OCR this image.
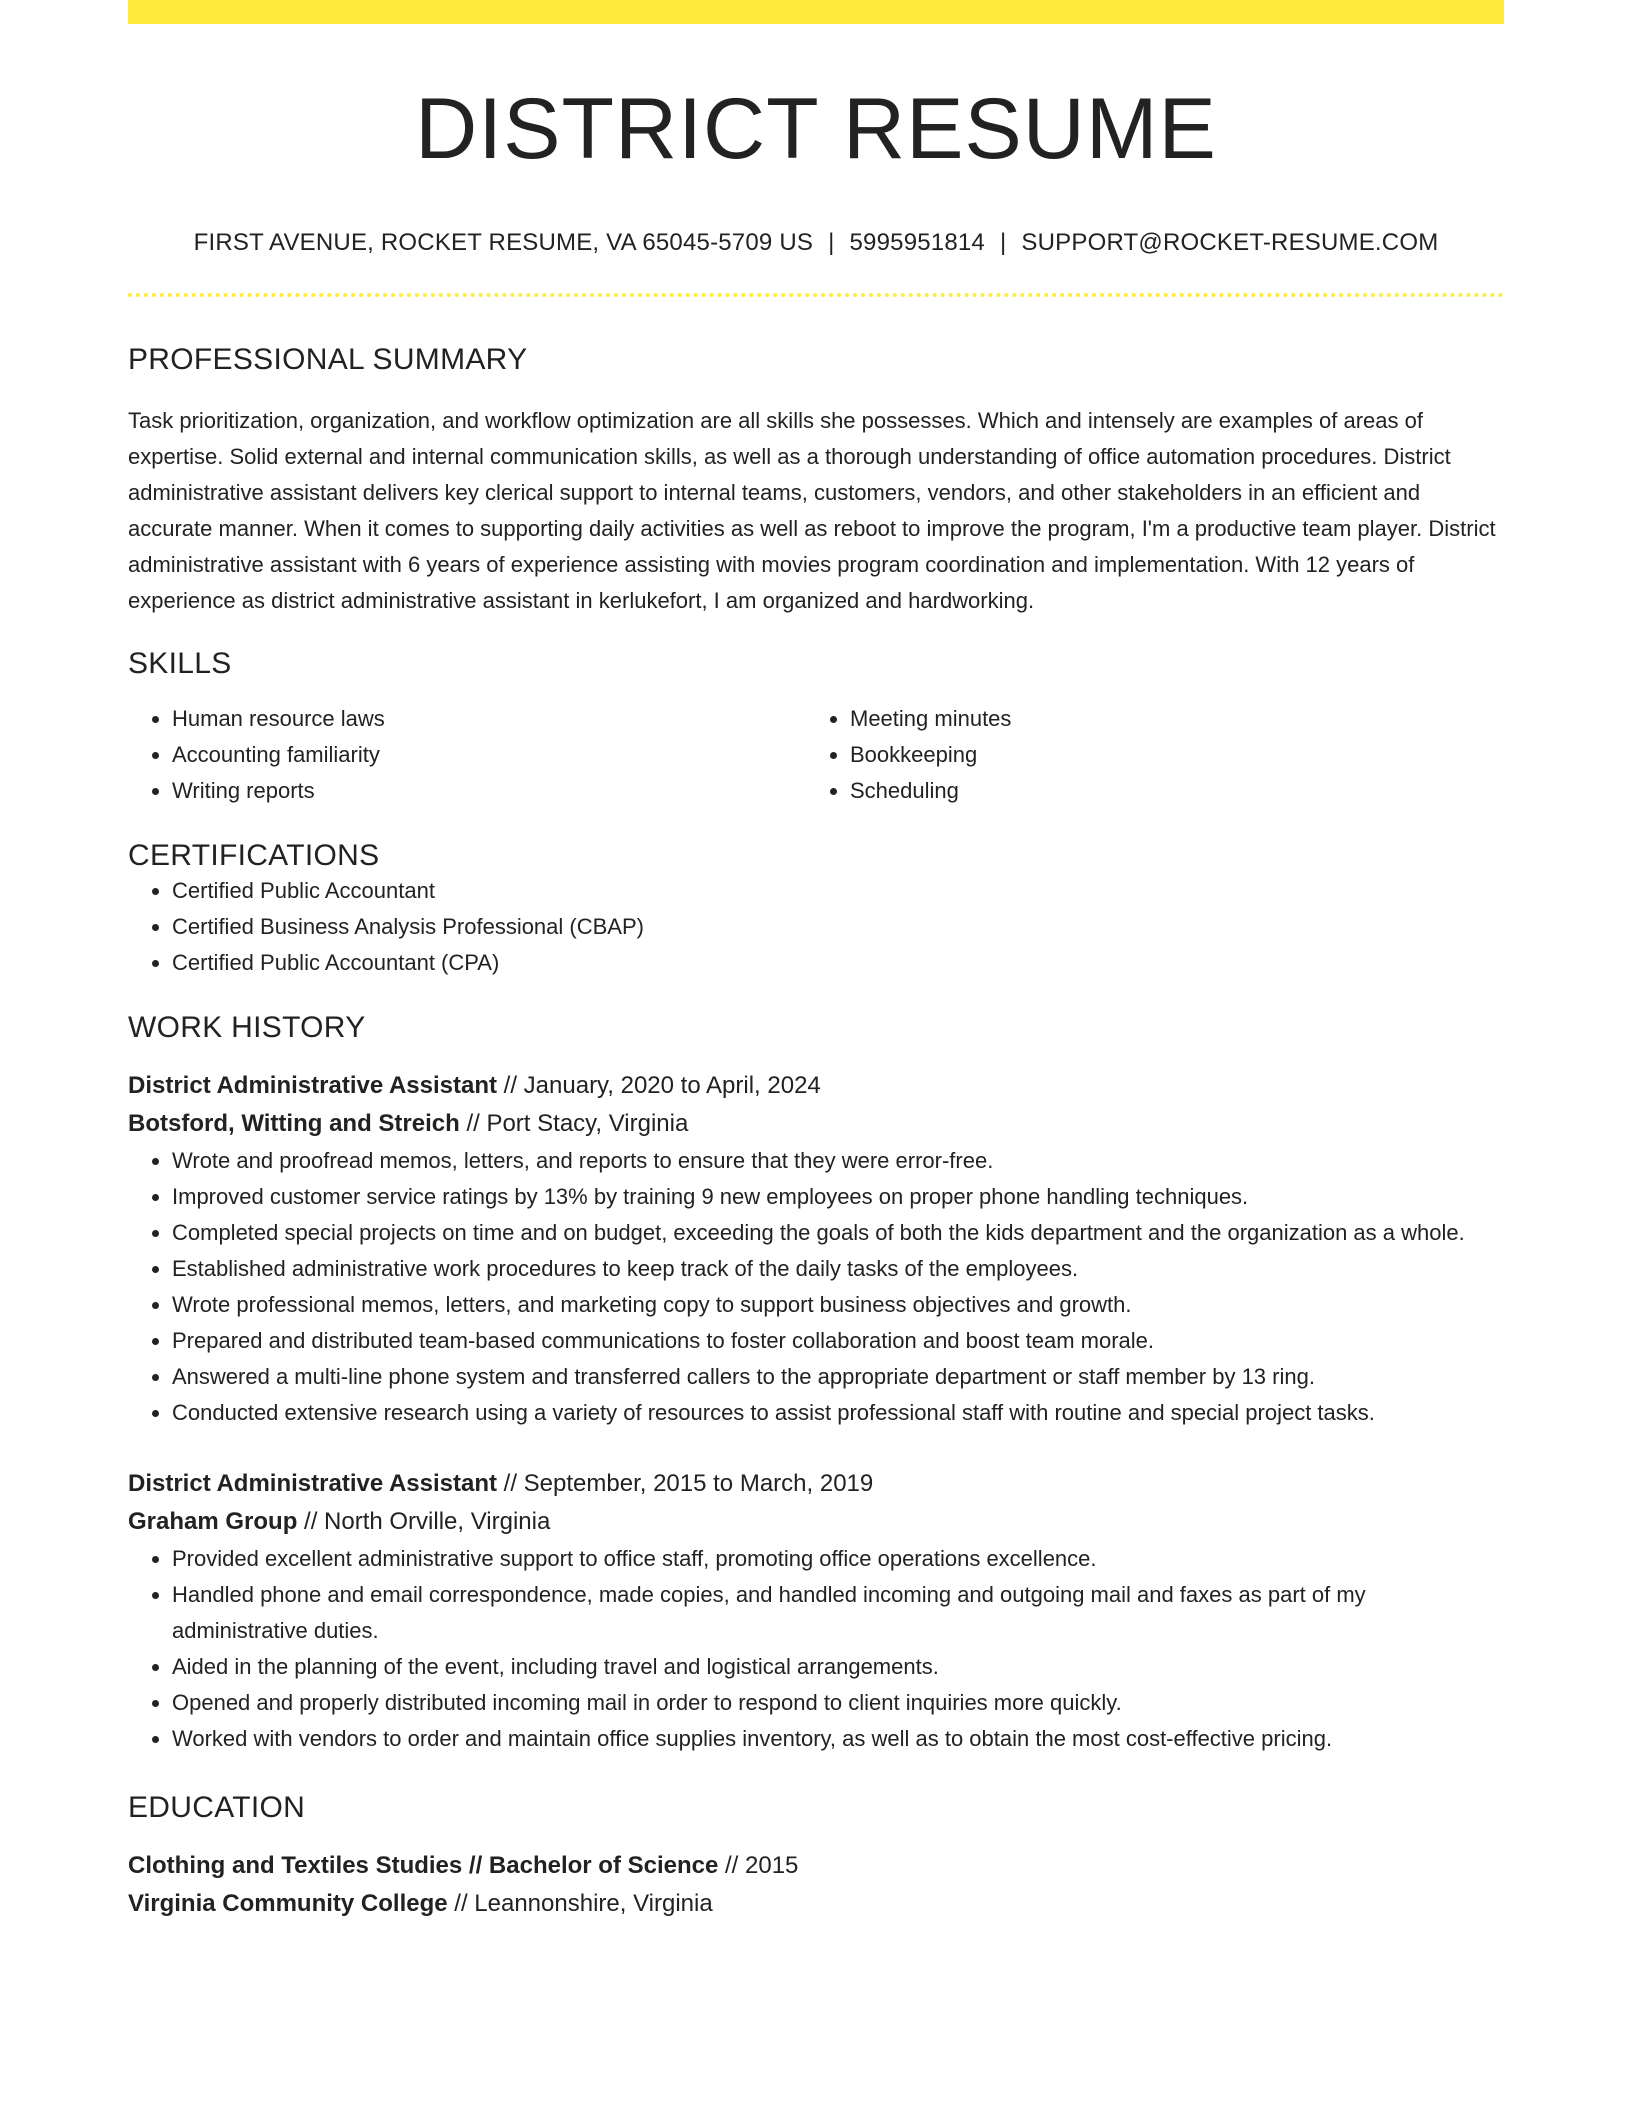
DISTRICT RESUME
FIRST AVENUE, ROCKET RESUME, VA 65045-5709 US | 5995951814 | SUPPORT@ROCKET-RESUME.COM
PROFESSIONAL SUMMARY
Task prioritization, organization, and workflow optimization are all skills she possesses. Which and intensely are examples of areas of expertise. Solid external and internal communication skills, as well as a thorough understanding of office automation procedures. District administrative assistant delivers key clerical support to internal teams, customers, vendors, and other stakeholders in an efficient and accurate manner. When it comes to supporting daily activities as well as reboot to improve the program, I'm a productive team player. District administrative assistant with 6 years of experience assisting with movies program coordination and implementation. With 12 years of experience as district administrative assistant in kerlukefort, I am organized and hardworking.
SKILLS
• Human resource laws
• Accounting familiarity
• Writing reports
• Meeting minutes
• Bookkeeping
• Scheduling
CERTIFICATIONS
• Certified Public Accountant
• Certified Business Analysis Professional (CBAP)
• Certified Public Accountant (CPA)
WORK HISTORY
District Administrative Assistant // January, 2020 to April, 2024
Botsford, Witting and Streich // Port Stacy, Virginia
• Wrote and proofread memos, letters, and reports to ensure that they were error-free.
• Improved customer service ratings by 13% by training 9 new employees on proper phone handling techniques.
• Completed special projects on time and on budget, exceeding the goals of both the kids department and the organization as a whole.
• Established administrative work procedures to keep track of the daily tasks of the employees.
• Wrote professional memos, letters, and marketing copy to support business objectives and growth.
• Prepared and distributed team-based communications to foster collaboration and boost team morale.
• Answered a multi-line phone system and transferred callers to the appropriate department or staff member by 13 ring.
• Conducted extensive research using a variety of resources to assist professional staff with routine and special project tasks.
District Administrative Assistant // September, 2015 to March, 2019
Graham Group // North Orville, Virginia
• Provided excellent administrative support to office staff, promoting office operations excellence.
• Handled phone and email correspondence, made copies, and handled incoming and outgoing mail and faxes as part of my administrative duties.
• Aided in the planning of the event, including travel and logistical arrangements.
• Opened and properly distributed incoming mail in order to respond to client inquiries more quickly.
• Worked with vendors to order and maintain office supplies inventory, as well as to obtain the most cost-effective pricing.
EDUCATION
Clothing and Textiles Studies // Bachelor of Science // 2015
Virginia Community College // Leannonshire, Virginia
